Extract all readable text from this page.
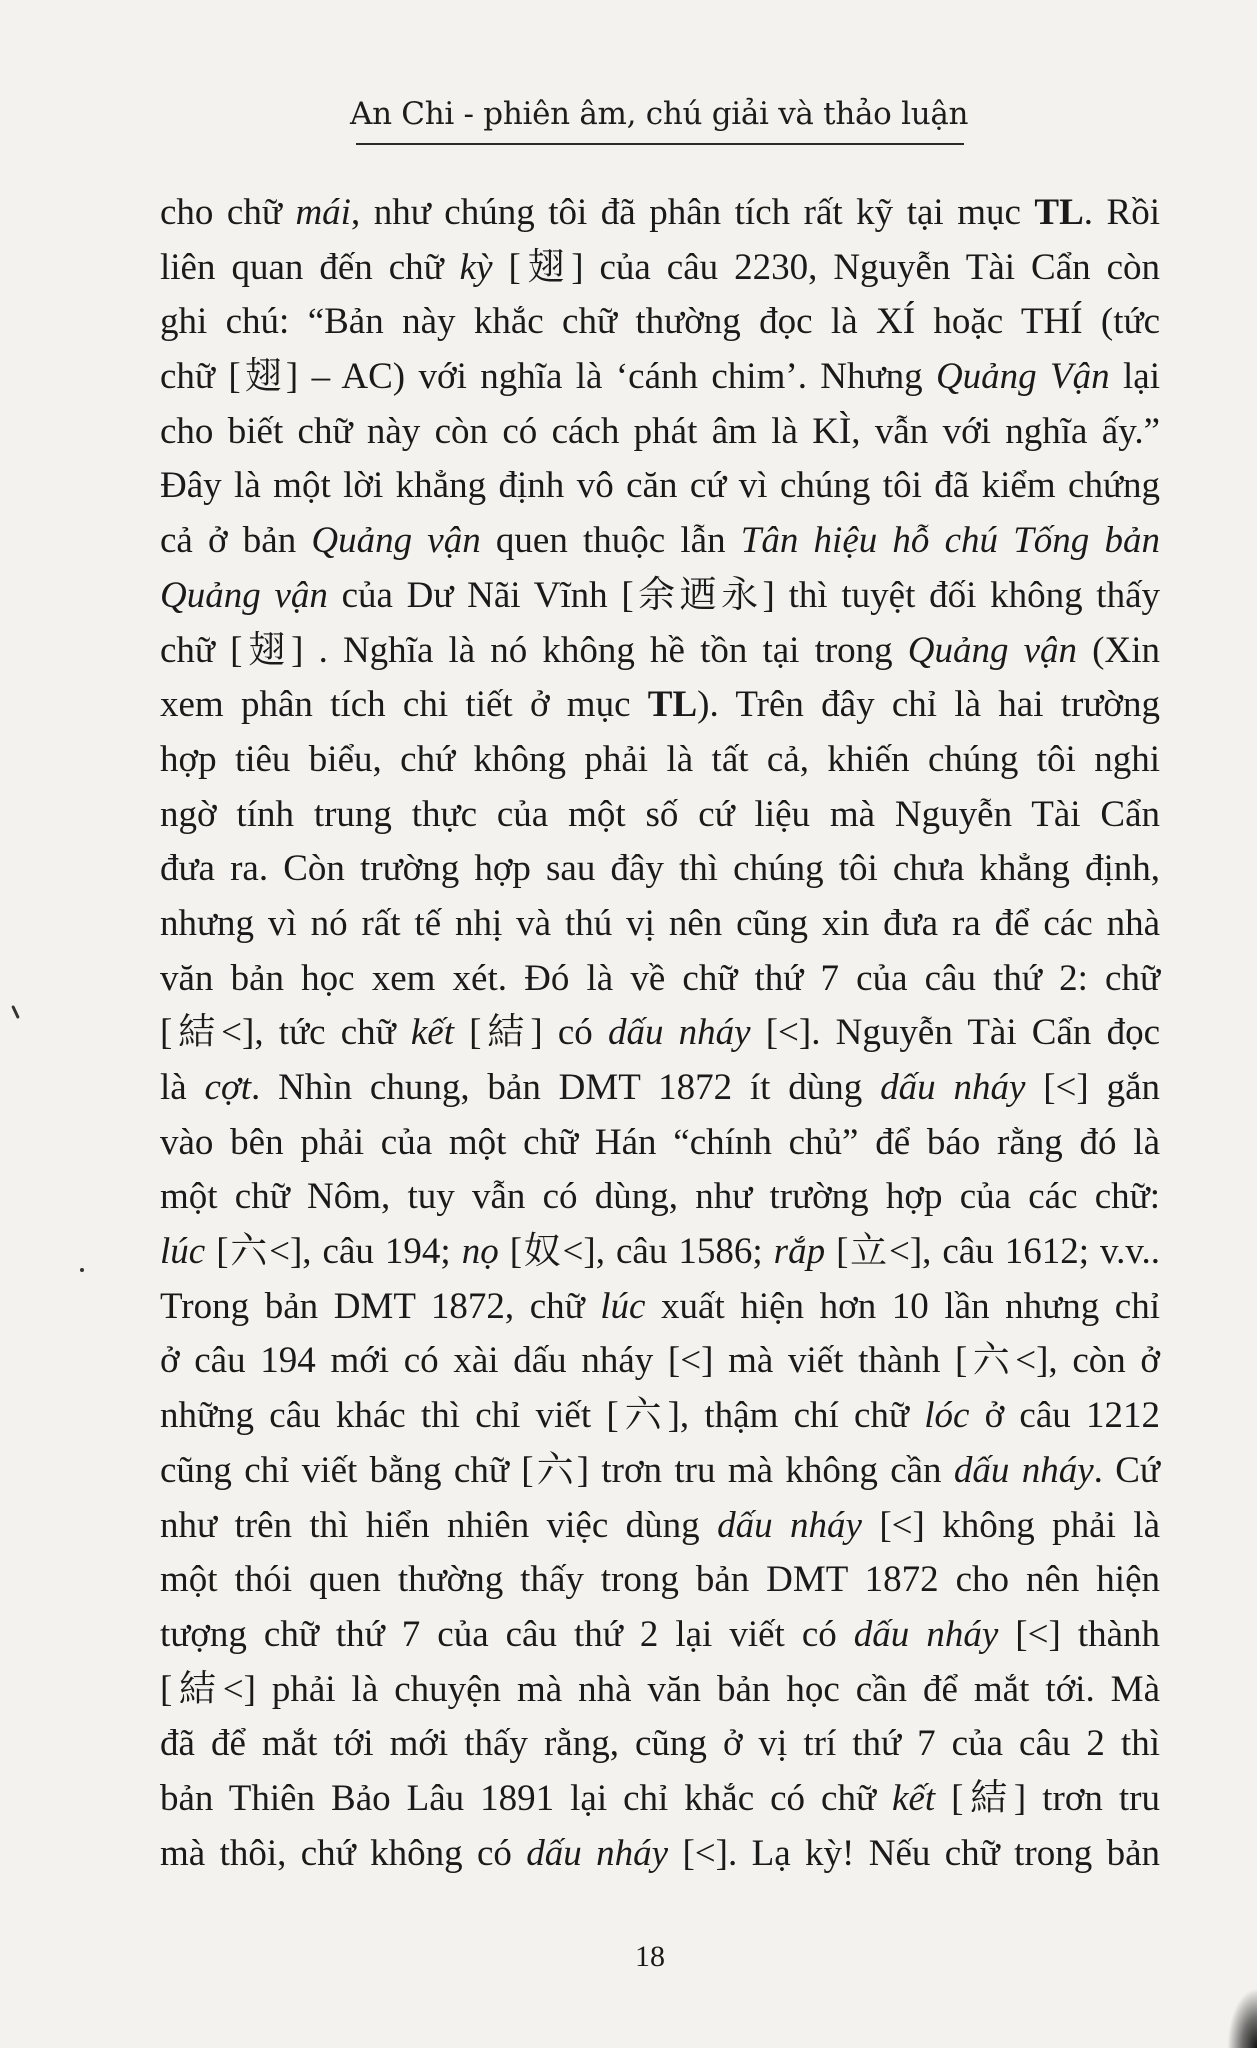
An Chi - phiên âm, chú giải và thảo luận
cho chữ mái, như chúng tôi đã phân tích rất kỹ tại mục TL. Rồi
liên quan đến chữ kỳ [翅] của câu 2230, Nguyễn Tài Cẩn còn
ghi chú: “Bản này khắc chữ thường đọc là XÍ hoặc THÍ (tức
chữ [翅] – AC) với nghĩa là ‘cánh chim’. Nhưng Quảng Vận lại
cho biết chữ này còn có cách phát âm là KÌ, vẫn với nghĩa ấy.”
Đây là một lời khẳng định vô căn cứ vì chúng tôi đã kiểm chứng
cả ở bản Quảng vận quen thuộc lẫn Tân hiệu hỗ chú Tống bản
Quảng vận của Dư Nãi Vĩnh [余迺永] thì tuyệt đối không thấy
chữ [翅] . Nghĩa là nó không hề tồn tại trong Quảng vận (Xin
xem phân tích chi tiết ở mục TL). Trên đây chỉ là hai trường
hợp tiêu biểu, chứ không phải là tất cả, khiến chúng tôi nghi
ngờ tính trung thực của một số cứ liệu mà Nguyễn Tài Cẩn
đưa ra. Còn trường hợp sau đây thì chúng tôi chưa khẳng định,
nhưng vì nó rất tế nhị và thú vị nên cũng xin đưa ra để các nhà
văn bản học xem xét. Đó là về chữ thứ 7 của câu thứ 2: chữ
[結<], tức chữ kết [結] có dấu nháy [<]. Nguyễn Tài Cẩn đọc
là cợt. Nhìn chung, bản DMT 1872 ít dùng dấu nháy [<] gắn
vào bên phải của một chữ Hán “chính chủ” để báo rằng đó là
một chữ Nôm, tuy vẫn có dùng, như trường hợp của các chữ:
lúc [六<], câu 194; nọ [奴<], câu 1586; rắp [立<], câu 1612; v.v..
Trong bản DMT 1872, chữ lúc xuất hiện hơn 10 lần nhưng chỉ
ở câu 194 mới có xài dấu nháy [<] mà viết thành [六<], còn ở
những câu khác thì chỉ viết [六], thậm chí chữ lóc ở câu 1212
cũng chỉ viết bằng chữ [六] trơn tru mà không cần dấu nháy. Cứ
như trên thì hiển nhiên việc dùng dấu nháy [<] không phải là
một thói quen thường thấy trong bản DMT 1872 cho nên hiện
tượng chữ thứ 7 của câu thứ 2 lại viết có dấu nháy [<] thành
[結<] phải là chuyện mà nhà văn bản học cần để mắt tới. Mà
đã để mắt tới mới thấy rằng, cũng ở vị trí thứ 7 của câu 2 thì
bản Thiên Bảo Lâu 1891 lại chỉ khắc có chữ kết [結] trơn tru
mà thôi, chứ không có dấu nháy [<]. Lạ kỳ! Nếu chữ trong bản
18
